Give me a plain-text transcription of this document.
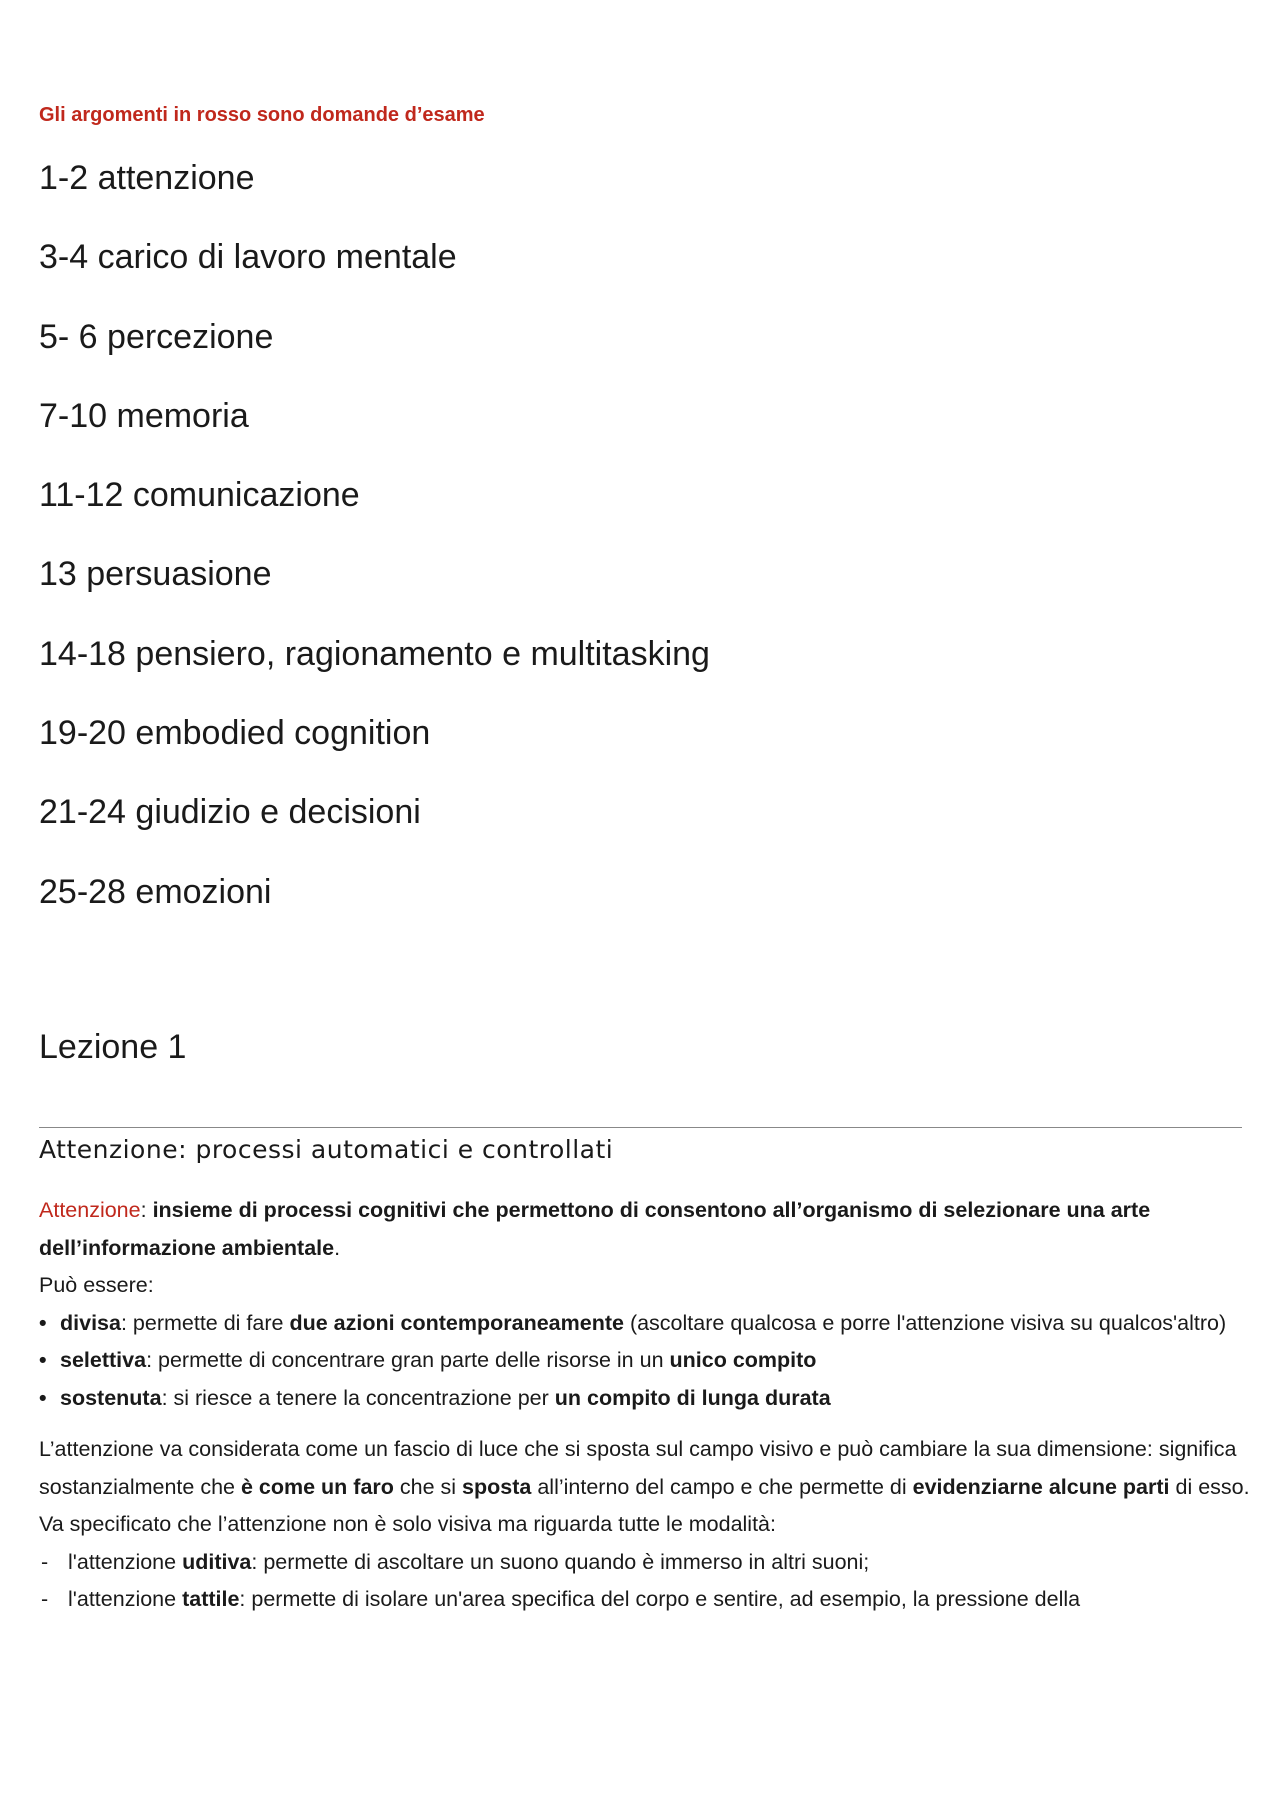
Gli argomenti in rosso sono domande d’esame
1-2 attenzione
3-4 carico di lavoro mentale
5- 6 percezione
7-10 memoria
11-12 comunicazione
13 persuasione
14-18 pensiero, ragionamento e multitasking
19-20 embodied cognition
21-24 giudizio e decisioni
25-28 emozioni
Lezione 1
Attenzione: processi automatici e controllati

Attenzione: insieme di processi cognitivi che permettono di consentono all’organismo di selezionare una arte dell’informazione ambientale.

Può essere:

• divisa: permette di fare due azioni contemporaneamente (ascoltare qualcosa e porre l'attenzione visiva su qualcos'altro)
• selettiva: permette di concentrare gran parte delle risorse in un unico compito
• sostenuta: si riesce a tenere la concentrazione per un compito di lunga durata

L’attenzione va considerata come un fascio di luce che si sposta sul campo visivo e può cambiare la sua dimensione: significa sostanzialmente che è come un faro che si sposta all’interno del campo e che permette di evidenziarne alcune parti di esso. Va specificato che l’attenzione non è solo visiva ma riguarda tutte le modalità:

- l'attenzione uditiva: permette di ascoltare un suono quando è immerso in altri suoni;
- l'attenzione tattile: permette di isolare un'area specifica del corpo e sentire, ad esempio, la pressione della
